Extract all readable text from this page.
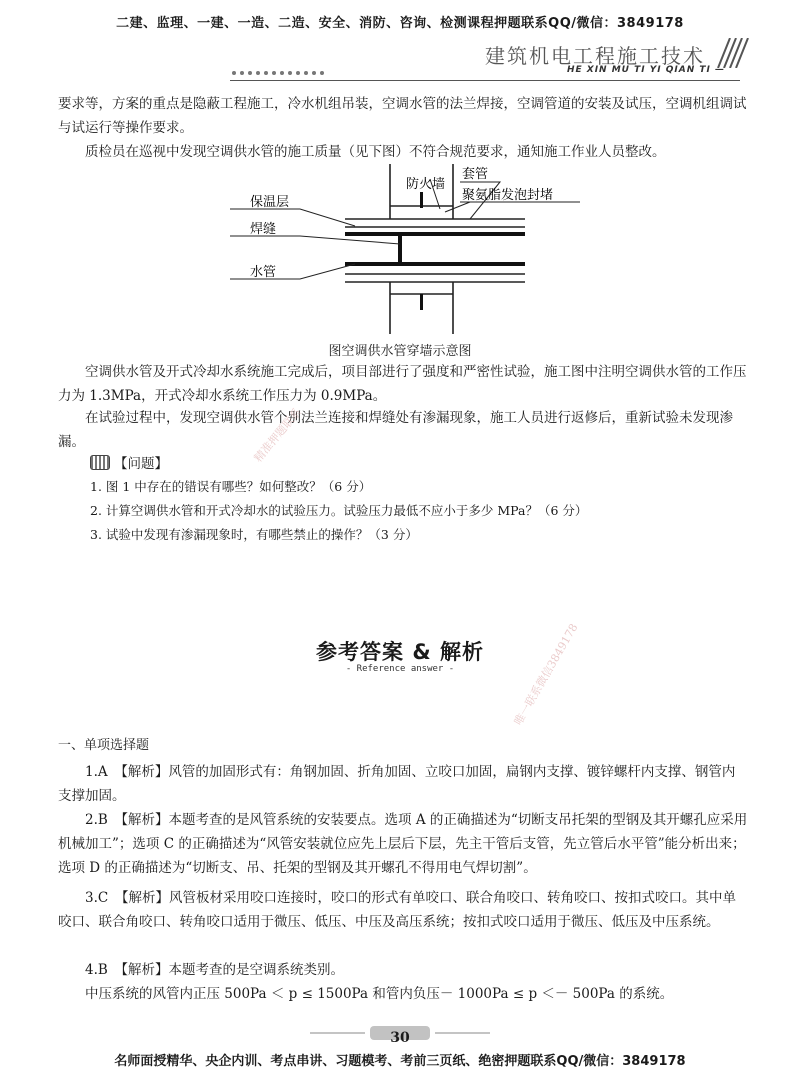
二建、监理、一建、一造、二造、安全、消防、咨询、检测课程押题联系QQ/微信：3849178
建筑机电工程施工技术
HE XIN MU TI YI QIAN TI —

要求等，方案的重点是隐蔽工程施工，冷水机组吊装，空调水管的法兰焊接，空调管道的安装及试压，空调机组调试与试运行等操作要求。

质检员在巡视中发现空调供水管的施工质量（见下图）不符合规范要求，通知施工作业人员整改。

防火墙
套管
聚氨脂发泡封堵
保温层
焊缝
水管
图空调供水管穿墙示意图

空调供水管及开式冷却水系统施工完成后，项目部进行了强度和严密性试验，施工图中注明空调供水管的工作压力为 1.3MPa，开式冷却水系统工作压力为 0.9MPa。

在试验过程中，发现空调供水管个别法兰连接和焊缝处有渗漏现象，施工人员进行返修后，重新试验未发现渗漏。

【问题】
1. 图 1 中存在的错误有哪些？如何整改？（6 分）
2. 计算空调供水管和开式冷却水的试验压力。试验压力最低不应小于多少 MPa？（6 分）
3. 试验中发现有渗漏现象时，有哪些禁止的操作？（3 分）
参考答案 & 解析
- Reference answer -
一、单项选择题

1.A　【解析】风管的加固形式有：角钢加固、折角加固、立咬口加固，扁钢内支撑、镀锌螺杆内支撑、钢管内支撑加固。

2.B　【解析】本题考查的是风管系统的安装要点。选项 A 的正确描述为“切断支吊托架的型钢及其开螺孔应采用机械加工”；选项 C 的正确描述为“风管安装就位应先上层后下层，先主干管后支管，先立管后水平管”能分析出来；选项 D 的正确描述为“切断支、吊、托架的型钢及其开螺孔不得用电气焊切割”。

3.C　【解析】风管板材采用咬口连接时，咬口的形式有单咬口、联合角咬口、转角咬口、按扣式咬口。其中单咬口、联合角咬口、转角咬口适用于微压、低压、中压及高压系统；按扣式咬口适用于微压、低压及中压系统。

4.B　【解析】本题考查的是空调系统类别。

中压系统的风管内正压 500Pa ＜ p ≤ 1500Pa 和管内负压－ 1000Pa ≤ p ＜－ 500Pa 的系统。

精准押题联系
唯一联系微信3849178
30
名师面授精华、央企内训、考点串讲、习题模考、考前三页纸、绝密押题联系QQ/微信：3849178
